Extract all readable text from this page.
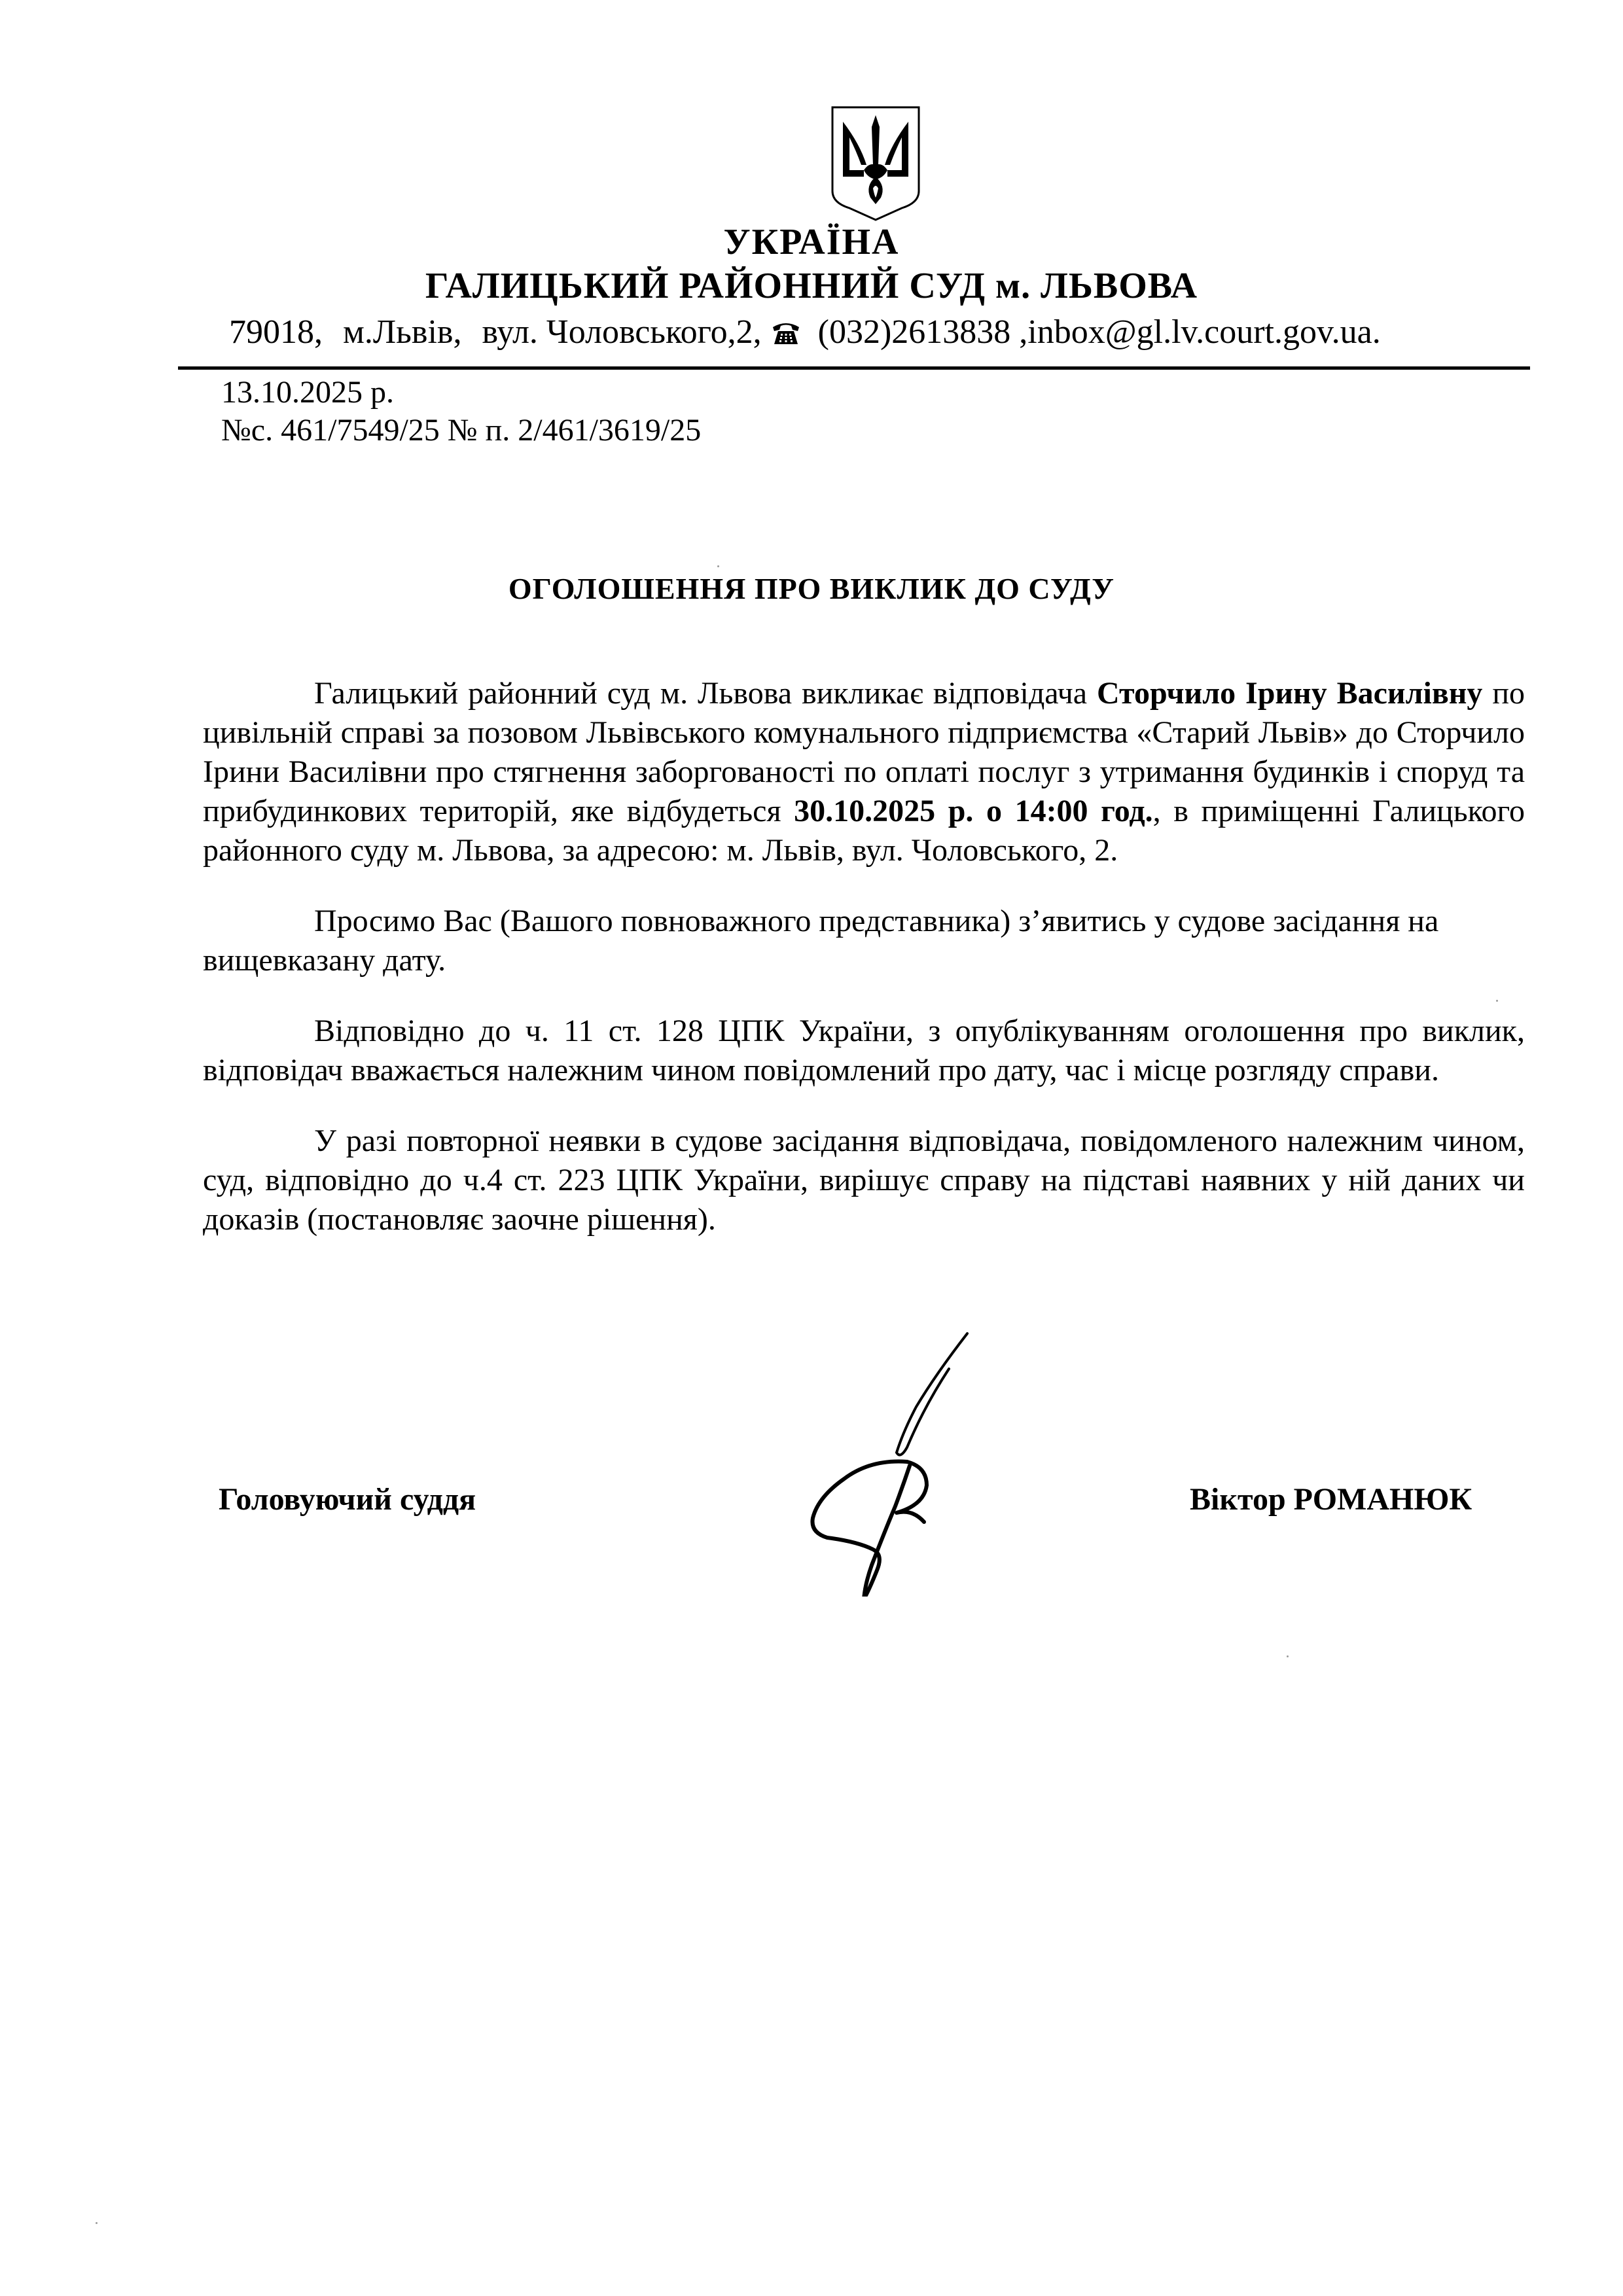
УКРАЇНА
ГАЛИЦЬКИЙ РАЙОННИЙ СУД м. ЛЬВОВА
79018, м.Львів, вул. Чоловського,2, (032)2613838 ,inbox@gl.lv.court.gov.ua.
13.10.2025 р.
№с. 461/7549/25 № п. 2/461/3619/25
ОГОЛОШЕННЯ ПРО ВИКЛИК ДО СУДУ

Галицький районний суд м. Львова викликає відповідача Сторчило Ірину Василівну по цивільній справі за позовом Львівського комунального підприємства «Старий Львів» до Сторчило Ірини Василівни про стягнення заборгованості по оплаті послуг з утримання будинків і споруд та прибудинкових територій, яке відбудеться 30.10.2025 р. о 14:00 год., в приміщенні Галицького районного суду м. Львова, за адресою: м. Львів, вул. Чоловського, 2.

Просимо Вас (Вашого повноважного представника) з’явитись у судове засідання на вищевказану дату.

Відповідно до ч. 11 ст. 128 ЦПК України, з опублікуванням оголошення про виклик, відповідач вважається належним чином повідомлений про дату, час і місце розгляду справи.

У разі повторної неявки в судове засідання відповідача, повідомленого належним чином, суд, відповідно до ч.4 ст. 223 ЦПК України, вирішує справу на підставі наявних у ній даних чи доказів (постановляє заочне рішення).

Головуючий суддя	Віктор РОМАНЮК
